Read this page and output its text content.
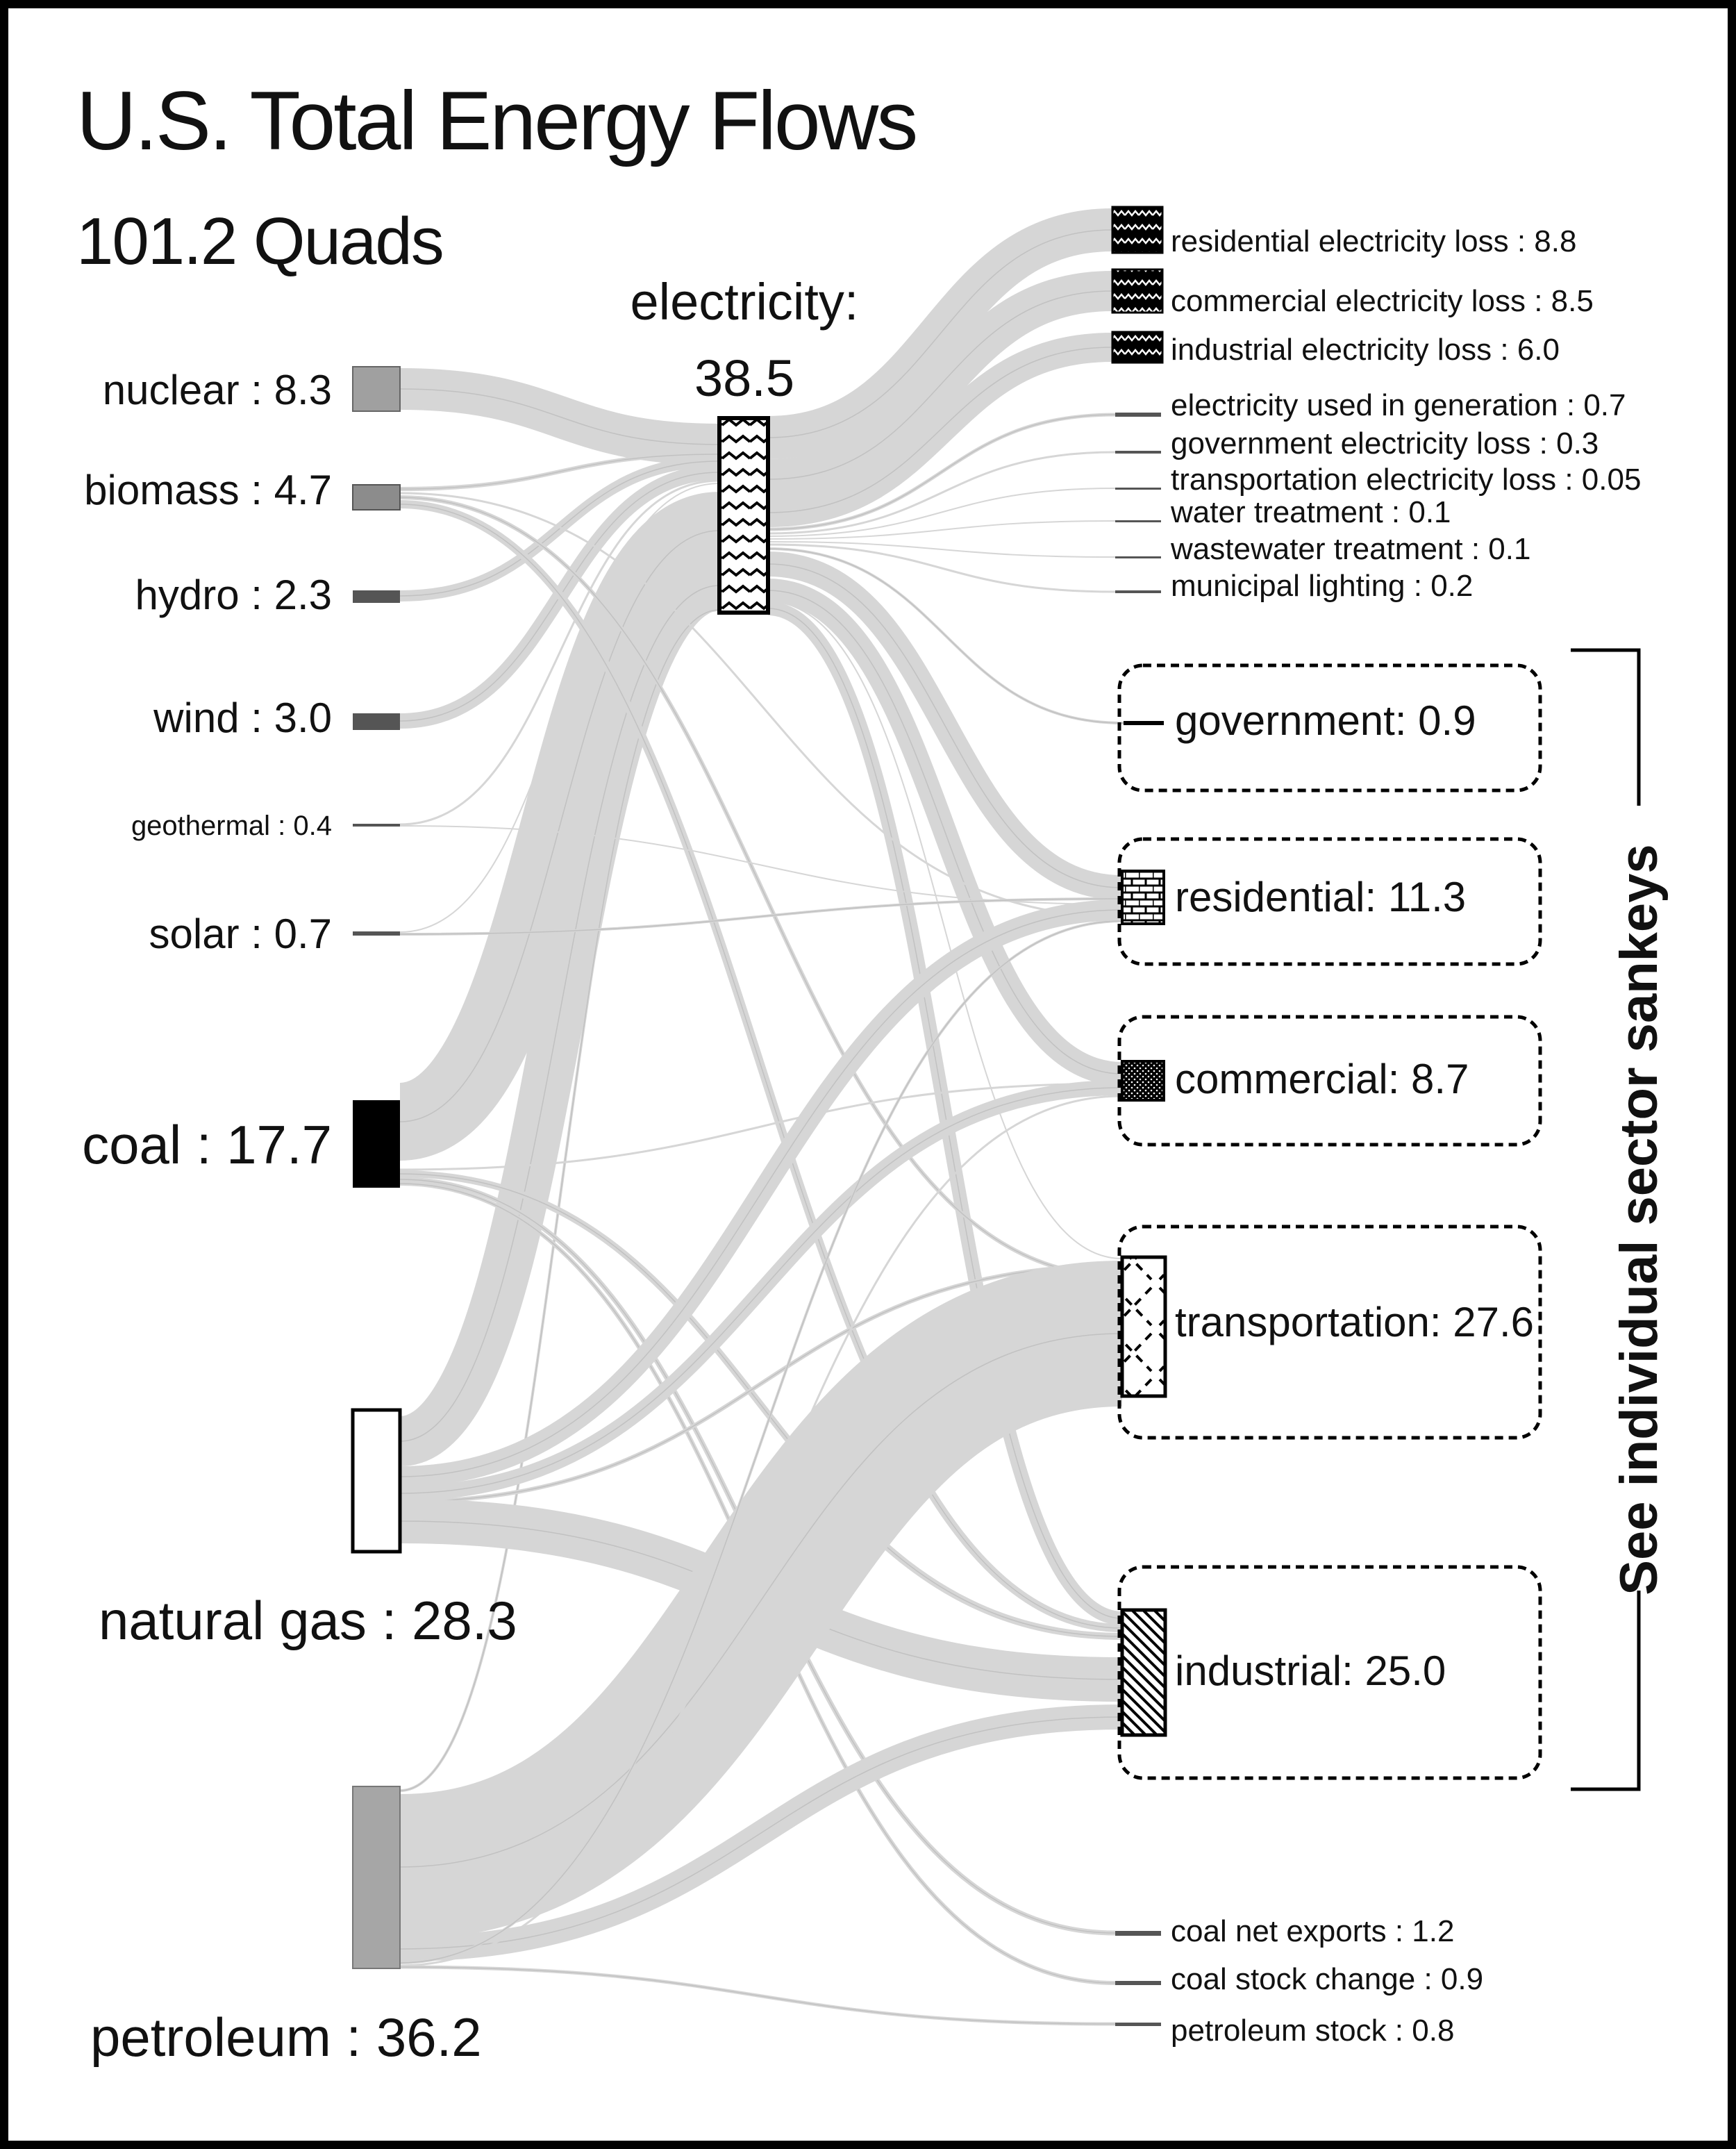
U.S. Total Energy Flows
101.2 Quads
nuclear : 8.3
biomass : 4.7
hydro : 2.3
wind : 3.0
geothermal : 0.4
solar : 0.7
coal : 17.7
natural gas : 28.3
petroleum : 36.2
electricity:
38.5
residential electricity loss : 8.8
commercial electricity loss : 8.5
industrial electricity loss : 6.0
electricity used in generation : 0.7
government electricity loss : 0.3
transportation electricity loss : 0.05
water treatment : 0.1
wastewater treatment : 0.1
municipal lighting : 0.2
government: 0.9
residential: 11.3
commercial: 8.7
transportation: 27.6
industrial: 25.0
See individual sector sankeys
coal net exports : 1.2
coal stock change : 0.9
petroleum stock : 0.8
